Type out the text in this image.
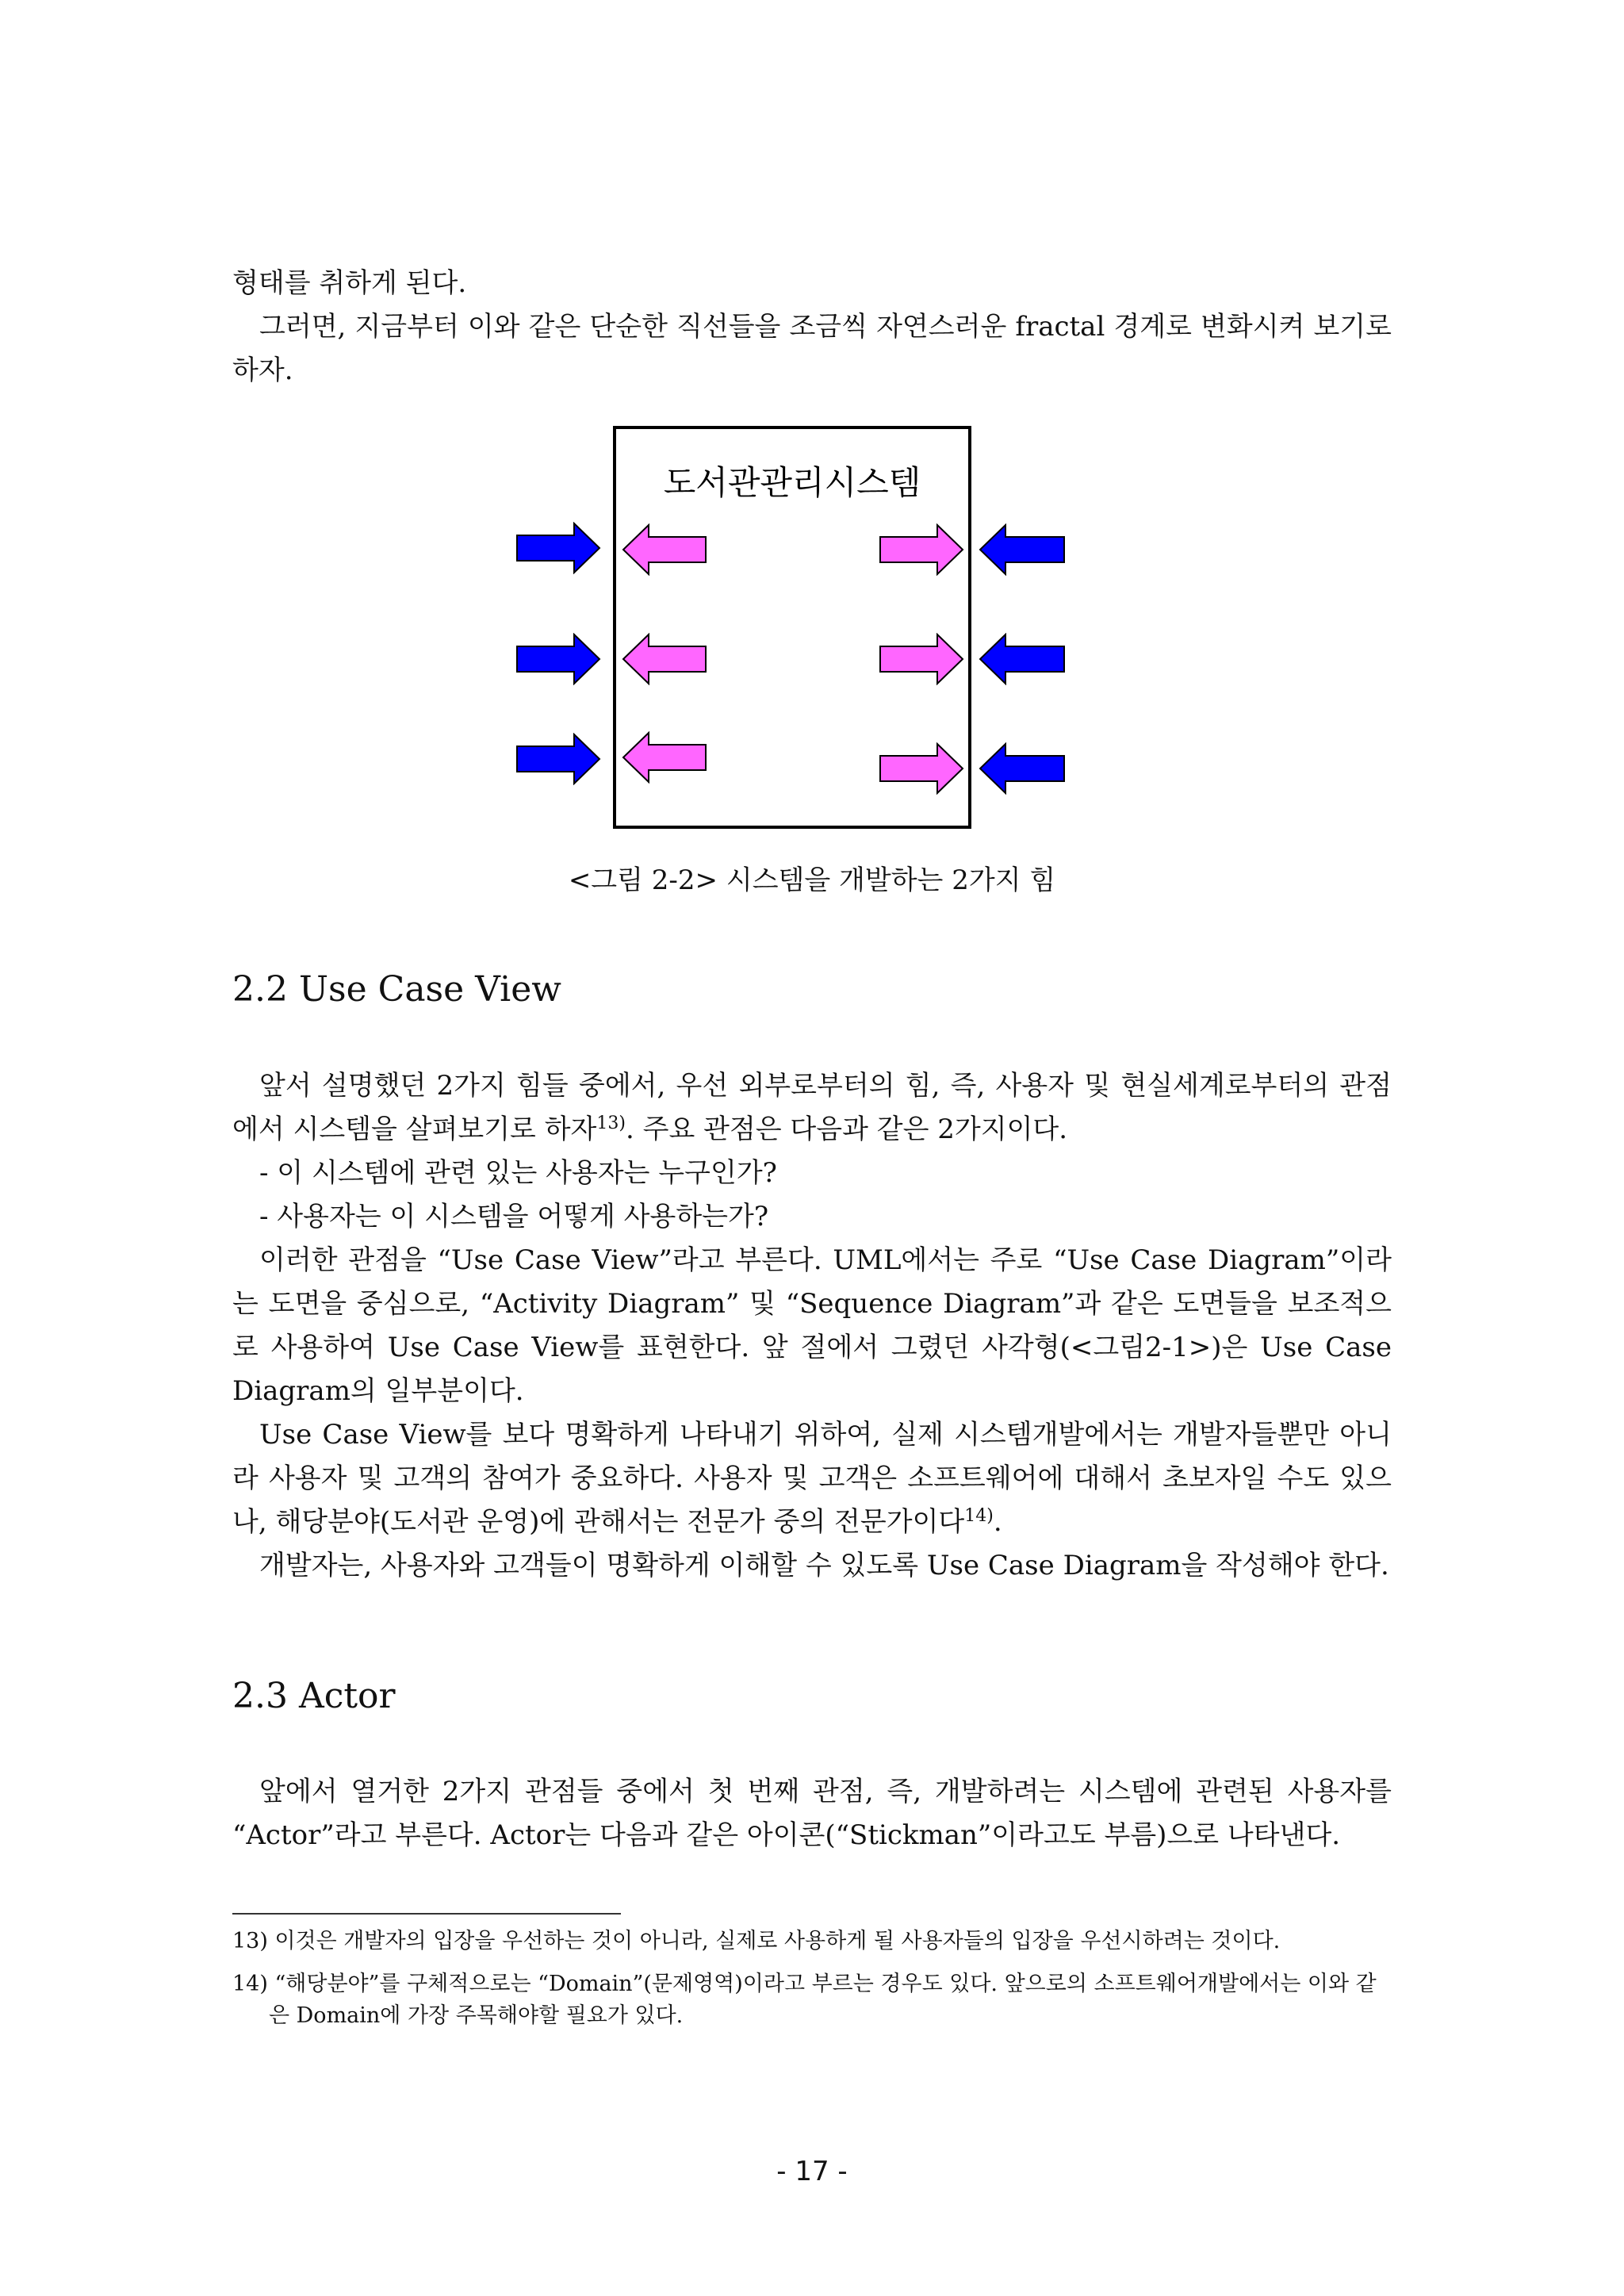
형태를 취하게 된다.

그러면, 지금부터 이와 같은 단순한 직선들을 조금씩 자연스러운 fractal 경계로 변화시켜 보기로 하자.

도서관관리시스템
<그림 2-2> 시스템을 개발하는 2가지 힘
2.2 Use Case View

앞서 설명했던 2가지 힘들 중에서, 우선 외부로부터의 힘, 즉, 사용자 및 현실세계로부터의 관점에서 시스템을 살펴보기로 하자$^{13)}$. 주요 관점은 다음과 같은 2가지이다.

- 이 시스템에 관련 있는 사용자는 누구인가?

- 사용자는 이 시스템을 어떻게 사용하는가?

이러한 관점을 “Use Case View”라고 부른다. UML에서는 주로 “Use Case Diagram”이라는 도면을 중심으로, “Activity Diagram” 및 “Sequence Diagram”과 같은 도면들을 보조적으로 사용하여 Use Case View를 표현한다. 앞 절에서 그렸던 사각형(<그림2-1>)은 Use Case Diagram의 일부분이다.

Use Case View를 보다 명확하게 나타내기 위하여, 실제 시스템개발에서는 개발자들뿐만 아니라 사용자 및 고객의 참여가 중요하다. 사용자 및 고객은 소프트웨어에 대해서 초보자일 수도 있으나, 해당분야(도서관 운영)에 관해서는 전문가 중의 전문가이다$^{14)}$.

개발자는, 사용자와 고객들이 명확하게 이해할 수 있도록 Use Case Diagram을 작성해야 한다.

2.3 Actor

앞에서 열거한 2가지 관점들 중에서 첫 번째 관점, 즉, 개발하려는 시스템에 관련된 사용자를 “Actor”라고 부른다. Actor는 다음과 같은 아이콘(“Stickman”이라고도 부름)으로 나타낸다.

13) 이것은 개발자의 입장을 우선하는 것이 아니라, 실제로 사용하게 될 사용자들의 입장을 우선시하려는 것이다.

14) “해당분야”를 구체적으로는 “Domain”(문제영역)이라고 부르는 경우도 있다. 앞으로의 소프트웨어개발에서는 이와 같은 Domain에 가장 주목해야할 필요가 있다.

- 17 -
